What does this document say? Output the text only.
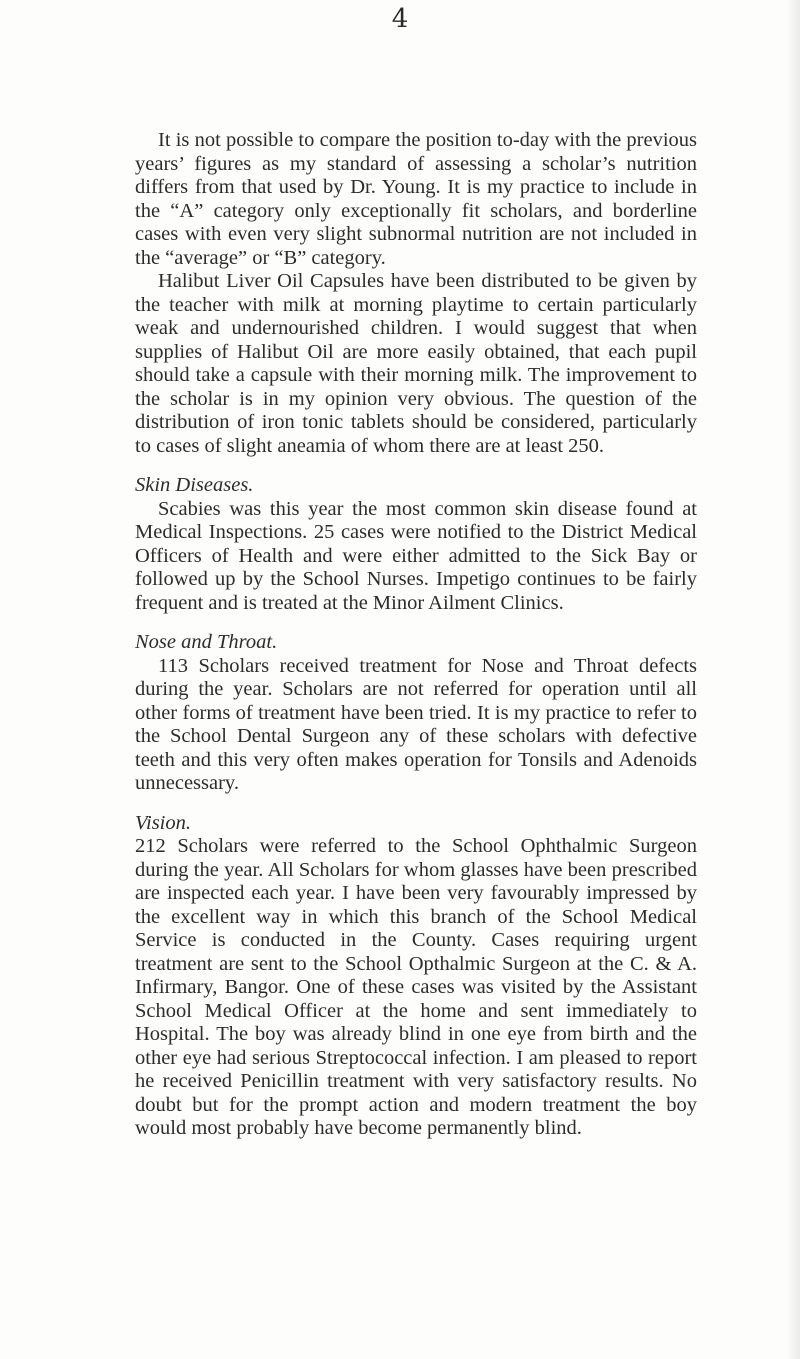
4

It is not possible to compare the position to-day with the previous years’ figures as my standard of assessing a scholar’s nutrition differs from that used by Dr. Young. It is my practice to include in the “A” category only exceptionally fit scholars, and borderline cases with even very slight subnormal nutrition are not included in the “average” or “B” category.

Halibut Liver Oil Capsules have been distributed to be given by the teacher with milk at morning playtime to certain particularly weak and undernourished children. I would suggest that when supplies of Halibut Oil are more easily obtained, that each pupil should take a capsule with their morning milk. The improvement to the scholar is in my opinion very obvious. The question of the distribution of iron tonic tablets should be considered, particularly to cases of slight aneamia of whom there are at least 250.

Skin Diseases.

Scabies was this year the most common skin disease found at Medical Inspections. 25 cases were notified to the District Medical Officers of Health and were either admitted to the Sick Bay or followed up by the School Nurses. Impetigo continues to be fairly frequent and is treated at the Minor Ailment Clinics.

Nose and Throat.

113 Scholars received treatment for Nose and Throat defects during the year. Scholars are not referred for operation until all other forms of treatment have been tried. It is my practice to refer to the School Dental Surgeon any of these scholars with defective teeth and this very often makes operation for Tonsils and Adenoids unnecessary.

Vision.

212 Scholars were referred to the School Ophthalmic Surgeon during the year. All Scholars for whom glasses have been prescribed are inspected each year. I have been very favourably impressed by the excellent way in which this branch of the School Medical Service is conducted in the County. Cases requiring urgent treatment are sent to the School Opthalmic Surgeon at the C. & A. Infirmary, Bangor. One of these cases was visited by the Assistant School Medical Officer at the home and sent immediately to Hospital. The boy was already blind in one eye from birth and the other eye had serious Streptococcal infection. I am pleased to report he received Penicillin treatment with very satisfactory results. No doubt but for the prompt action and modern treatment the boy would most probably have become permanently blind.
